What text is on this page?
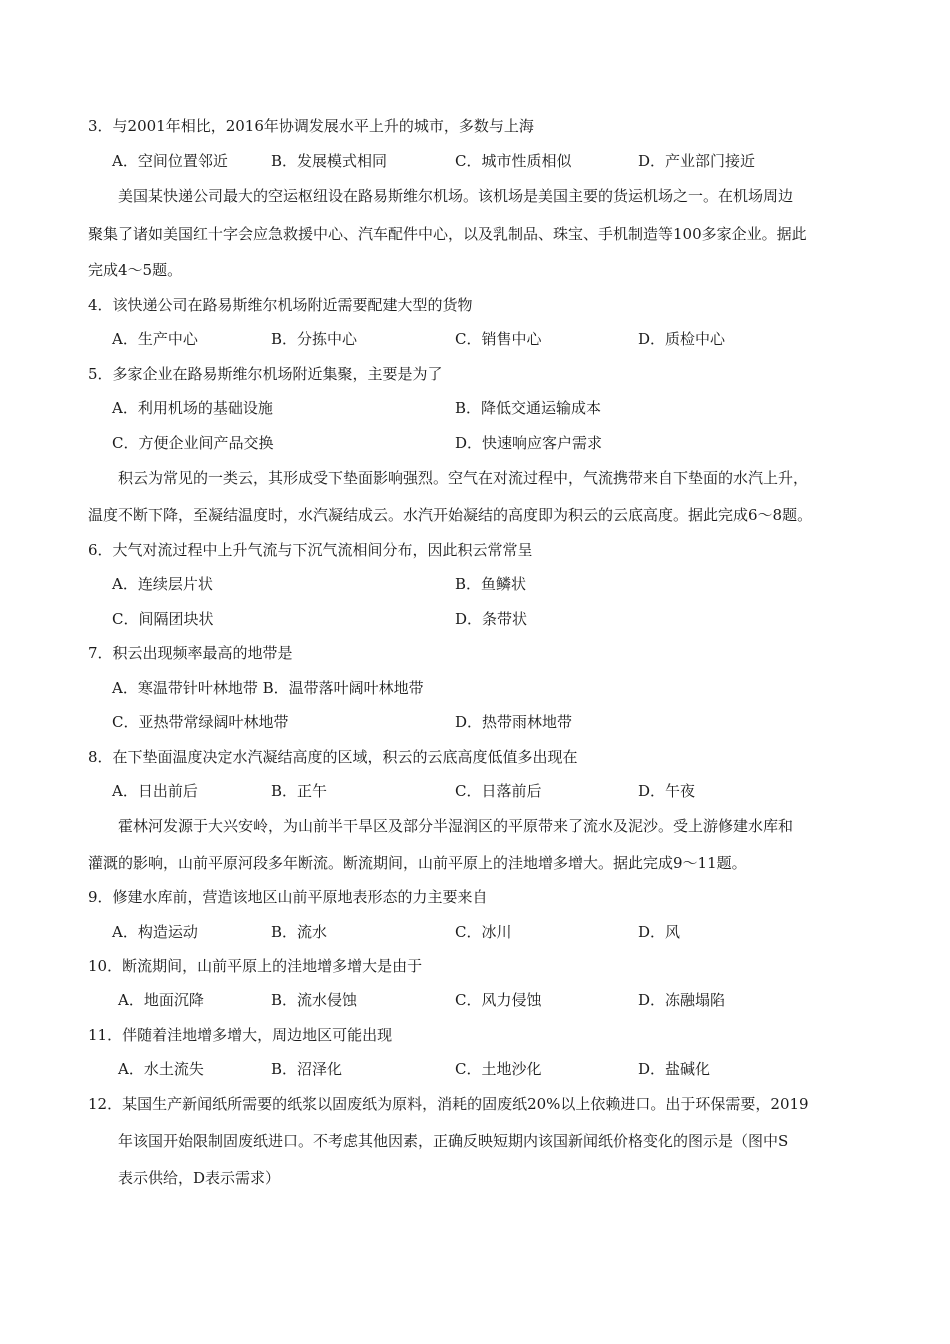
3．与2001年相比，2016年协调发展水平上升的城市，多数与上海
A．空间位置邻近	B．发展模式相同	C．城市性质相似	D．产业部门接近
美国某快递公司最大的空运枢纽设在路易斯维尔机场。该机场是美国主要的货运机场之一。在机场周边
聚集了诸如美国红十字会应急救援中心、汽车配件中心，以及乳制品、珠宝、手机制造等100多家企业。据此
完成4～5题。
4．该快递公司在路易斯维尔机场附近需要配建大型的货物
A．生产中心	B．分拣中心	C．销售中心	D．质检中心
5．多家企业在路易斯维尔机场附近集聚，主要是为了
A．利用机场的基础设施	B．降低交通运输成本
C．方便企业间产品交换	D．快速响应客户需求
积云为常见的一类云，其形成受下垫面影响强烈。空气在对流过程中，气流携带来自下垫面的水汽上升，
温度不断下降，至凝结温度时，水汽凝结成云。水汽开始凝结的高度即为积云的云底高度。据此完成6～8题。
6．大气对流过程中上升气流与下沉气流相间分布，因此积云常常呈
A．连续层片状	B．鱼鳞状
C．间隔团块状	D．条带状
7．积云出现频率最高的地带是
A．寒温带针叶林地带 B．温带落叶阔叶林地带
C．亚热带常绿阔叶林地带	D．热带雨林地带
8．在下垫面温度决定水汽凝结高度的区域，积云的云底高度低值多出现在
A．日出前后	B．正午	C．日落前后	D．午夜
霍林河发源于大兴安岭，为山前半干旱区及部分半湿润区的平原带来了流水及泥沙。受上游修建水库和
灌溉的影响，山前平原河段多年断流。断流期间，山前平原上的洼地增多增大。据此完成9～11题。
9．修建水库前，营造该地区山前平原地表形态的力主要来自
A．构造运动	B．流水	C．冰川	D．风
10．断流期间，山前平原上的洼地增多增大是由于
A．地面沉降	B．流水侵蚀	C．风力侵蚀	D．冻融塌陷
11．伴随着洼地增多增大，周边地区可能出现
A．水土流失	B．沼泽化	C．土地沙化	D．盐碱化
12．某国生产新闻纸所需要的纸浆以固废纸为原料，消耗的固废纸20%以上依赖进口。出于环保需要，2019
年该国开始限制固废纸进口。不考虑其他因素，正确反映短期内该国新闻纸价格变化的图示是（图中S
表示供给，D表示需求）
